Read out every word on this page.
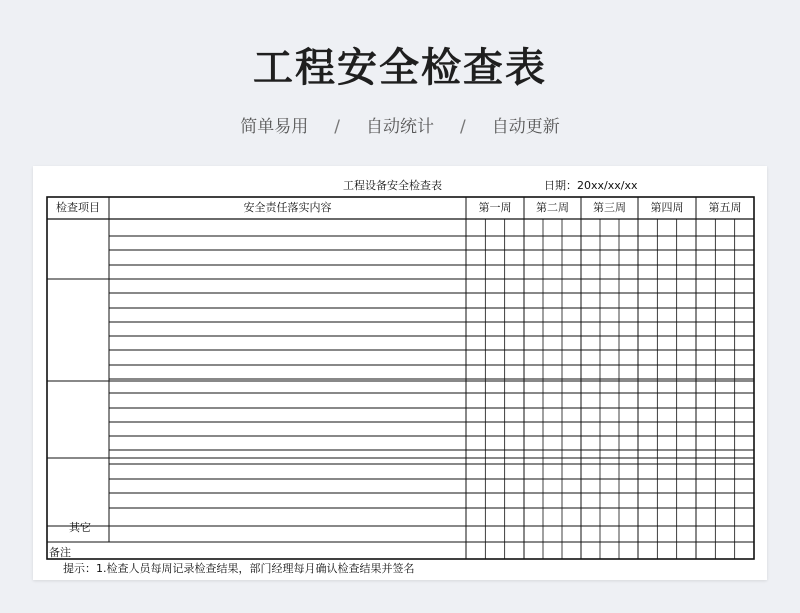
工程安全检查表
简单易用 / 自动统计 / 自动更新
工程设备安全检查表	日期：20xx/xx/xx
检查项目	安全责任落实内容	第一周	第二周	第三周	第四周	第五周
其它
备注
提示：1.检查人员每周记录检查结果，部门经理每月确认检查结果并签名
